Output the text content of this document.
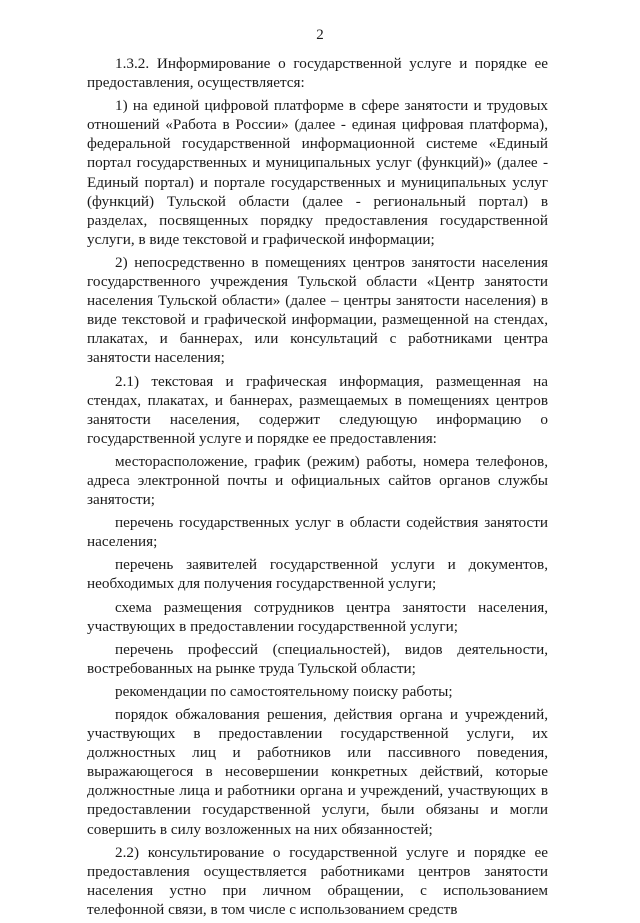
2

1.3.2. Информирование о государственной услуге и порядке ее предоставления, осуществляется:

1) на единой цифровой платформе в сфере занятости и трудовых отношений «Работа в России» (далее - единая цифровая платформа), федеральной государственной информационной системе «Единый портал государственных и муниципальных услуг (функций)» (далее - Единый портал) и портале государственных и муниципальных услуг (функций) Тульской области (далее - региональный портал) в разделах, посвященных порядку предоставления государственной услуги, в виде текстовой и графической информации;

2) непосредственно в помещениях центров занятости населения государственного учреждения Тульской области «Центр занятости населения Тульской области» (далее – центры занятости населения) в виде текстовой и графической информации, размещенной на стендах, плакатах, и баннерах, или консультаций с работниками центра занятости населения;

2.1) текстовая и графическая информация, размещенная на стендах, плакатах, и баннерах, размещаемых в помещениях центров занятости населения, содержит следующую информацию о государственной услуге и порядке ее предоставления:

месторасположение, график (режим) работы, номера телефонов, адреса электронной почты и официальных сайтов органов службы занятости;

перечень государственных услуг в области содействия занятости населения;

перечень заявителей государственной услуги и документов, необходимых для получения государственной услуги;

схема размещения сотрудников центра занятости населения, участвующих в предоставлении государственной услуги;

перечень профессий (специальностей), видов деятельности, востребованных на рынке труда Тульской области;

рекомендации по самостоятельному поиску работы;

порядок обжалования решения, действия органа и учреждений, участвующих в предоставлении государственной услуги, их должностных лиц и работников или пассивного поведения, выражающегося в несовершении конкретных действий, которые должностные лица и работники органа и учреждений, участвующих в предоставлении государственной услуги, были обязаны и могли совершить в силу возложенных на них обязанностей;

2.2) консультирование о государственной услуге и порядке ее предоставления осуществляется работниками центров занятости населения устно при личном обращении, с использованием телефонной связи, в том числе с использованием средств
